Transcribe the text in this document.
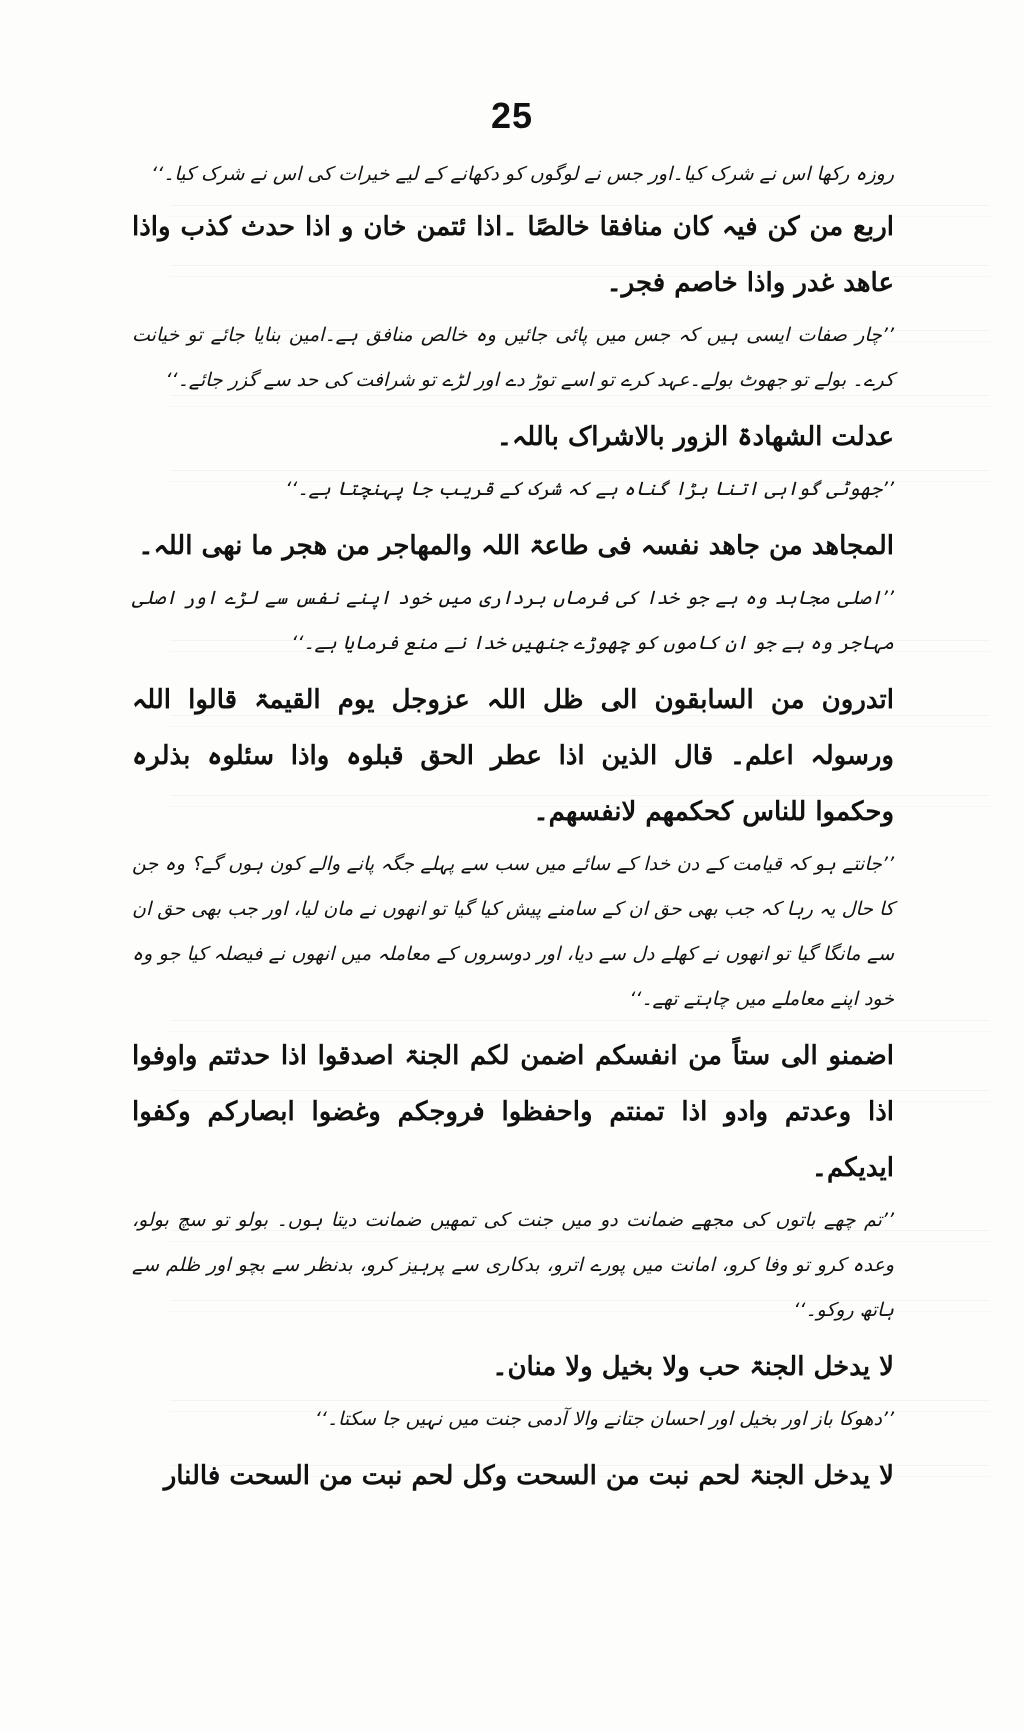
25

روزہ رکھا اس نے شرک کیا۔اور جس نے لوگوں کو دکھانے کے لیے خیرات کی اس نے شرک کیا۔‘‘

اربع من کن فیہ کان منافقا خالصًا ۔اذا ئتمن خان و اذا حدث کذب واذا عاھد غدر واذا خاصم فجر۔

’’چار صفات ایسی ہیں کہ جس میں پائی جائیں وہ خالص منافق ہے۔امین بنایا جائے تو خیانت کرے۔ بولے تو جھوٹ بولے۔عہد کرے تو اسے توڑ دے اور لڑے تو شرافت کی حد سے گزر جائے۔‘‘

عدلت الشھادۃ الزور بالاشراک باللہ۔

’’جھوٹی گواہی اتنا بڑا گناہ ہے کہ شرک کے قریب جا پہنچتا ہے۔‘‘

المجاھد من جاھد نفسہ فی طاعۃ اللہ والمھاجر من ھجر ما نھی اللہ۔

’’اصلی مجاہد وہ ہے جو خدا کی فرماں برداری میں خود اپنے نفس سے لڑے اور اصلی مہاجر وہ ہے جو ان کاموں کو چھوڑے جنھیں خدا نے منع فرمایا ہے۔‘‘

اتدرون من السابقون الی ظل اللہ عزوجل یوم القیمۃ قالوا اللہ ورسولہ اعلم۔ قال الذین اذا عطر الحق قبلوہ واذا سئلوہ بذلرہ وحکموا للناس کحکمھم لانفسھم۔

’’جانتے ہو کہ قیامت کے دن خدا کے سائے میں سب سے پہلے جگہ پانے والے کون ہوں گے؟ وہ جن کا حال یہ رہا کہ جب بھی حق ان کے سامنے پیش کیا گیا تو انھوں نے مان لیا، اور جب بھی حق ان سے مانگا گیا تو انھوں نے کھلے دل سے دیا، اور دوسروں کے معاملہ میں انھوں نے فیصلہ کیا جو وہ خود اپنے معاملے میں چاہتے تھے۔‘‘

اضمنو الی ستاً من انفسکم اضمن لکم الجنۃ اصدقوا اذا حدثتم واوفوا اذا وعدتم وادو اذا تمنتم واحفظوا فروجکم وغضوا ابصارکم وکفوا ایدیکم۔

’’تم چھے باتوں کی مجھے ضمانت دو میں جنت کی تمھیں ضمانت دیتا ہوں۔ بولو تو سچ بولو، وعدہ کرو تو وفا کرو، امانت میں پورے اترو، بدکاری سے پرہیز کرو، بدنظر سے بچو اور ظلم سے ہاتھ روکو۔‘‘

لا یدخل الجنۃ حب ولا بخیل ولا منان۔

’’دھوکا باز اور بخیل اور احسان جتانے والا آدمی جنت میں نہیں جا سکتا۔‘‘

لا یدخل الجنۃ لحم نبت من السحت وکل لحم نبت من السحت فالنار
